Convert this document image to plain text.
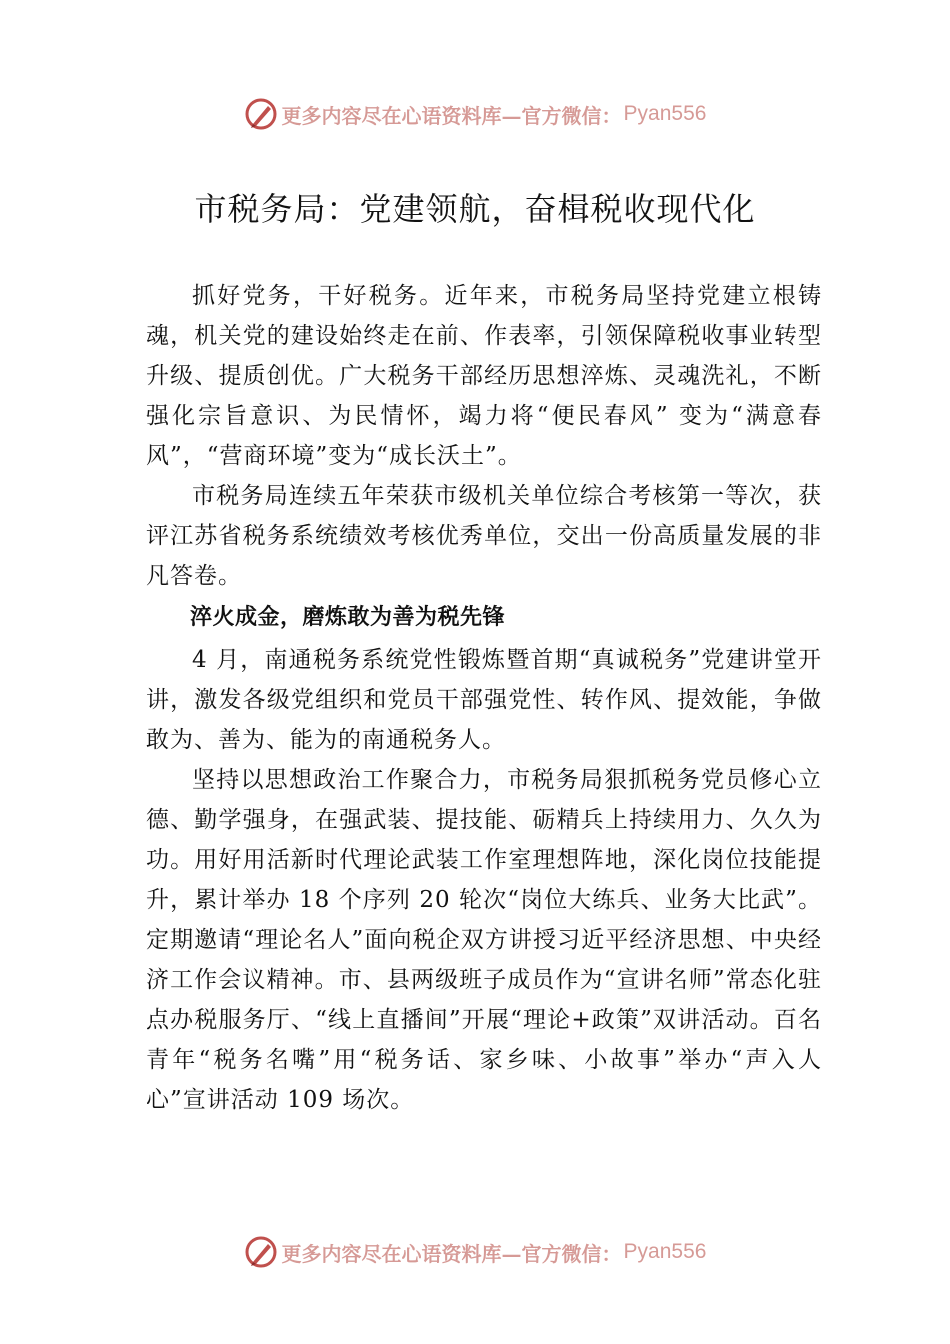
更多内容尽在心语资料库—官方微信： Pyan556
市税务局：党建领航，奋楫税收现代化

抓好党务，干好税务。近年来，市税务局坚持党建立根铸魂，机关党的建设始终走在前、作表率，引领保障税收事业转型升级、提质创优。广大税务干部经历思想淬炼、灵魂洗礼，不断强化宗旨意识、为民情怀，竭力将“便民春风” 变为“满意春风”，“营商环境”变为“成长沃土”。

市税务局连续五年荣获市级机关单位综合考核第一等次，获评江苏省税务系统绩效考核优秀单位，交出一份高质量发展的非凡答卷。

淬火成金，磨炼敢为善为税先锋

4 月，南通税务系统党性锻炼暨首期“真诚税务”党建讲堂开讲，激发各级党组织和党员干部强党性、转作风、提效能，争做敢为、善为、能为的南通税务人。

坚持以思想政治工作聚合力，市税务局狠抓税务党员修心立德、勤学强身，在强武装、提技能、砺精兵上持续用力、久久为功。用好用活新时代理论武装工作室理想阵地，深化岗位技能提升，累计举办 18 个序列 20 轮次“岗位大练兵、业务大比武”。定期邀请“理论名人”面向税企双方讲授习近平经济思想、中央经济工作会议精神。市、县两级班子成员作为“宣讲名师”常态化驻点办税服务厅、“线上直播间”开展“理论+政策”双讲活动。百名青年“税务名嘴”用“税务话、家乡味、小故事”举办“声入人心”宣讲活动 109 场次。

更多内容尽在心语资料库—官方微信： Pyan556
